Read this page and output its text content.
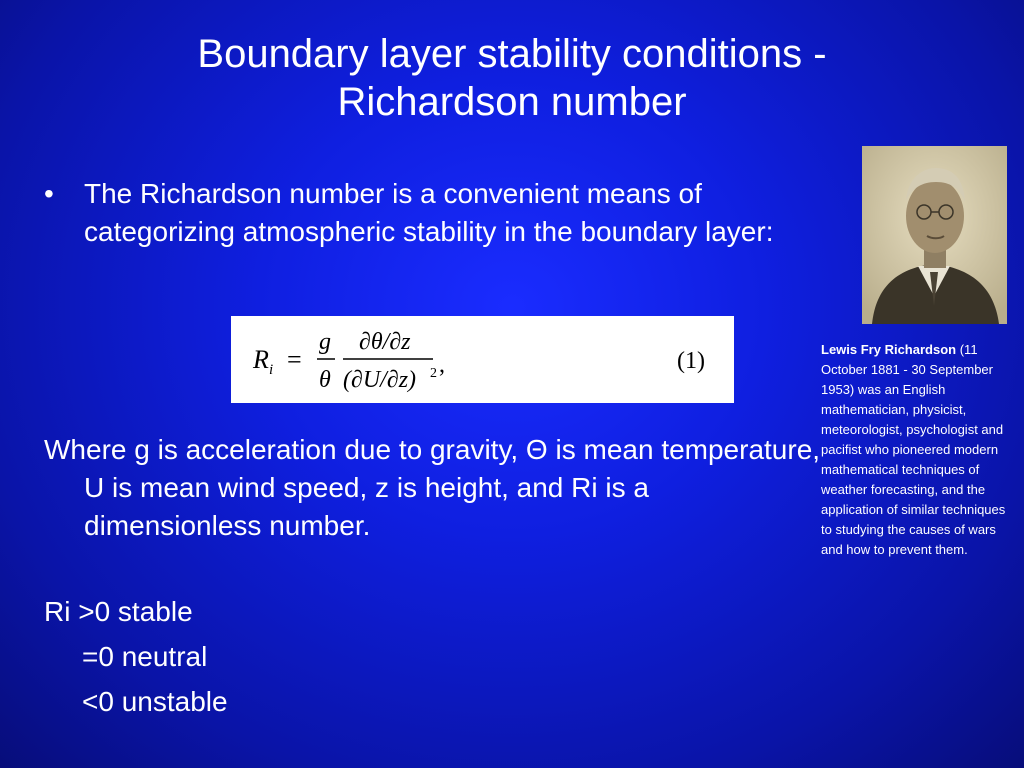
Boundary layer stability conditions -
Richardson number
• The Richardson number is a convenient means of categorizing atmospheric stability in the boundary layer:
R i =
g
θ
∂θ/∂z
(∂U/∂z) 2 ,	(1)
Where g is acceleration due to gravity, Θ is mean temperature, U is mean wind speed, z is height, and Ri is a dimensionless number.
Ri >0 stable
=0 neutral
<0 unstable
Lewis Fry Richardson (11 October 1881 - 30 September 1953) was an English mathematician, physicist, meteorologist, psychologist and pacifist who pioneered modern mathematical techniques of weather forecasting, and the application of similar techniques to studying the causes of wars and how to prevent them.
